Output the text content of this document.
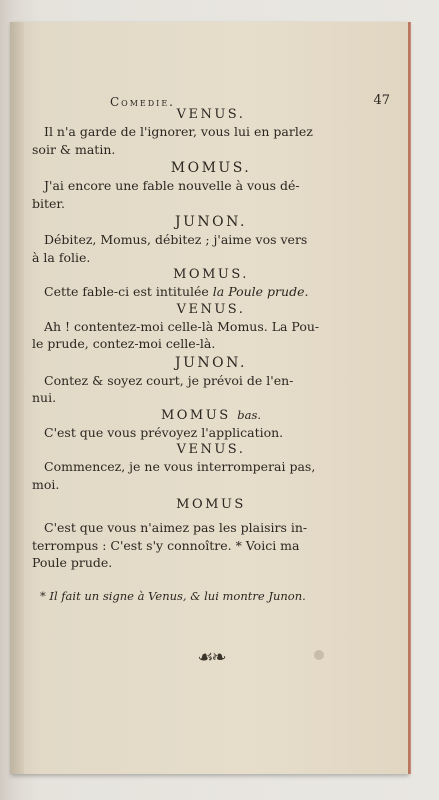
Comedie.	47
VENUS.
Il n'a garde de l'ignorer, vous lui en parlez
soir & matin.
MOMUS.
J'ai encore une fable nouvelle à vous dé-
biter.
JUNON.
Débitez, Momus, débitez ; j'aime vos vers
à la folie.
MOMUS.
Cette fable-ci est intitulée la Poule prude.
VENUS.
Ah ! contentez-moi celle-là Momus. La Pou-
le prude, contez-moi celle-là.
JUNON.
Contez & soyez court, je prévoi de l'en-
nui.
MOMUS bas.
C'est que vous prévoyez l'application.
VENUS.
Commencez, je ne vous interromperai pas,
moi.
MOMUS
C'est que vous n'aimez pas les plaisirs in-
terrompus : C'est s'y connoître. * Voici ma
Poule prude.
* Il fait un signe à Venus, & lui montre Junon.
☙❧
